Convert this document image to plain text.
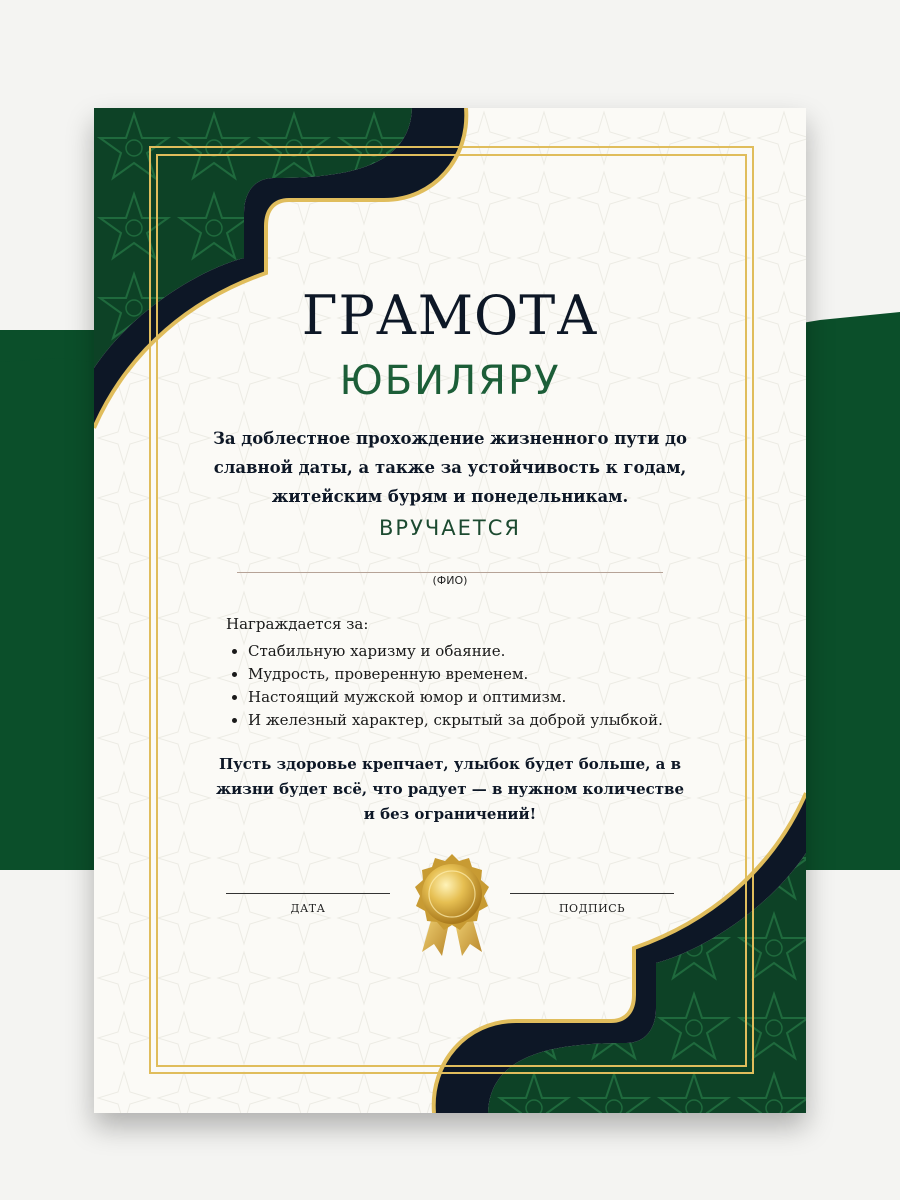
ГРАМОТА
ЮБИЛЯРУ

За доблестное прохождение жизненного пути до славной даты, а также за устойчивость к годам, житейским бурям и понедельникам.

ВРУЧАЕТСЯ
(ФИО)

Награждается за:

• Стабильную харизму и обаяние.
• Мудрость, проверенную временем.
• Настоящий мужской юмор и оптимизм.
• И железный характер, скрытый за доброй улыбкой.

Пусть здоровье крепчает, улыбок будет больше, а в жизни будет всё, что радует — в нужном количестве и без ограничений!

ДАТА	ПОДПИСЬ
